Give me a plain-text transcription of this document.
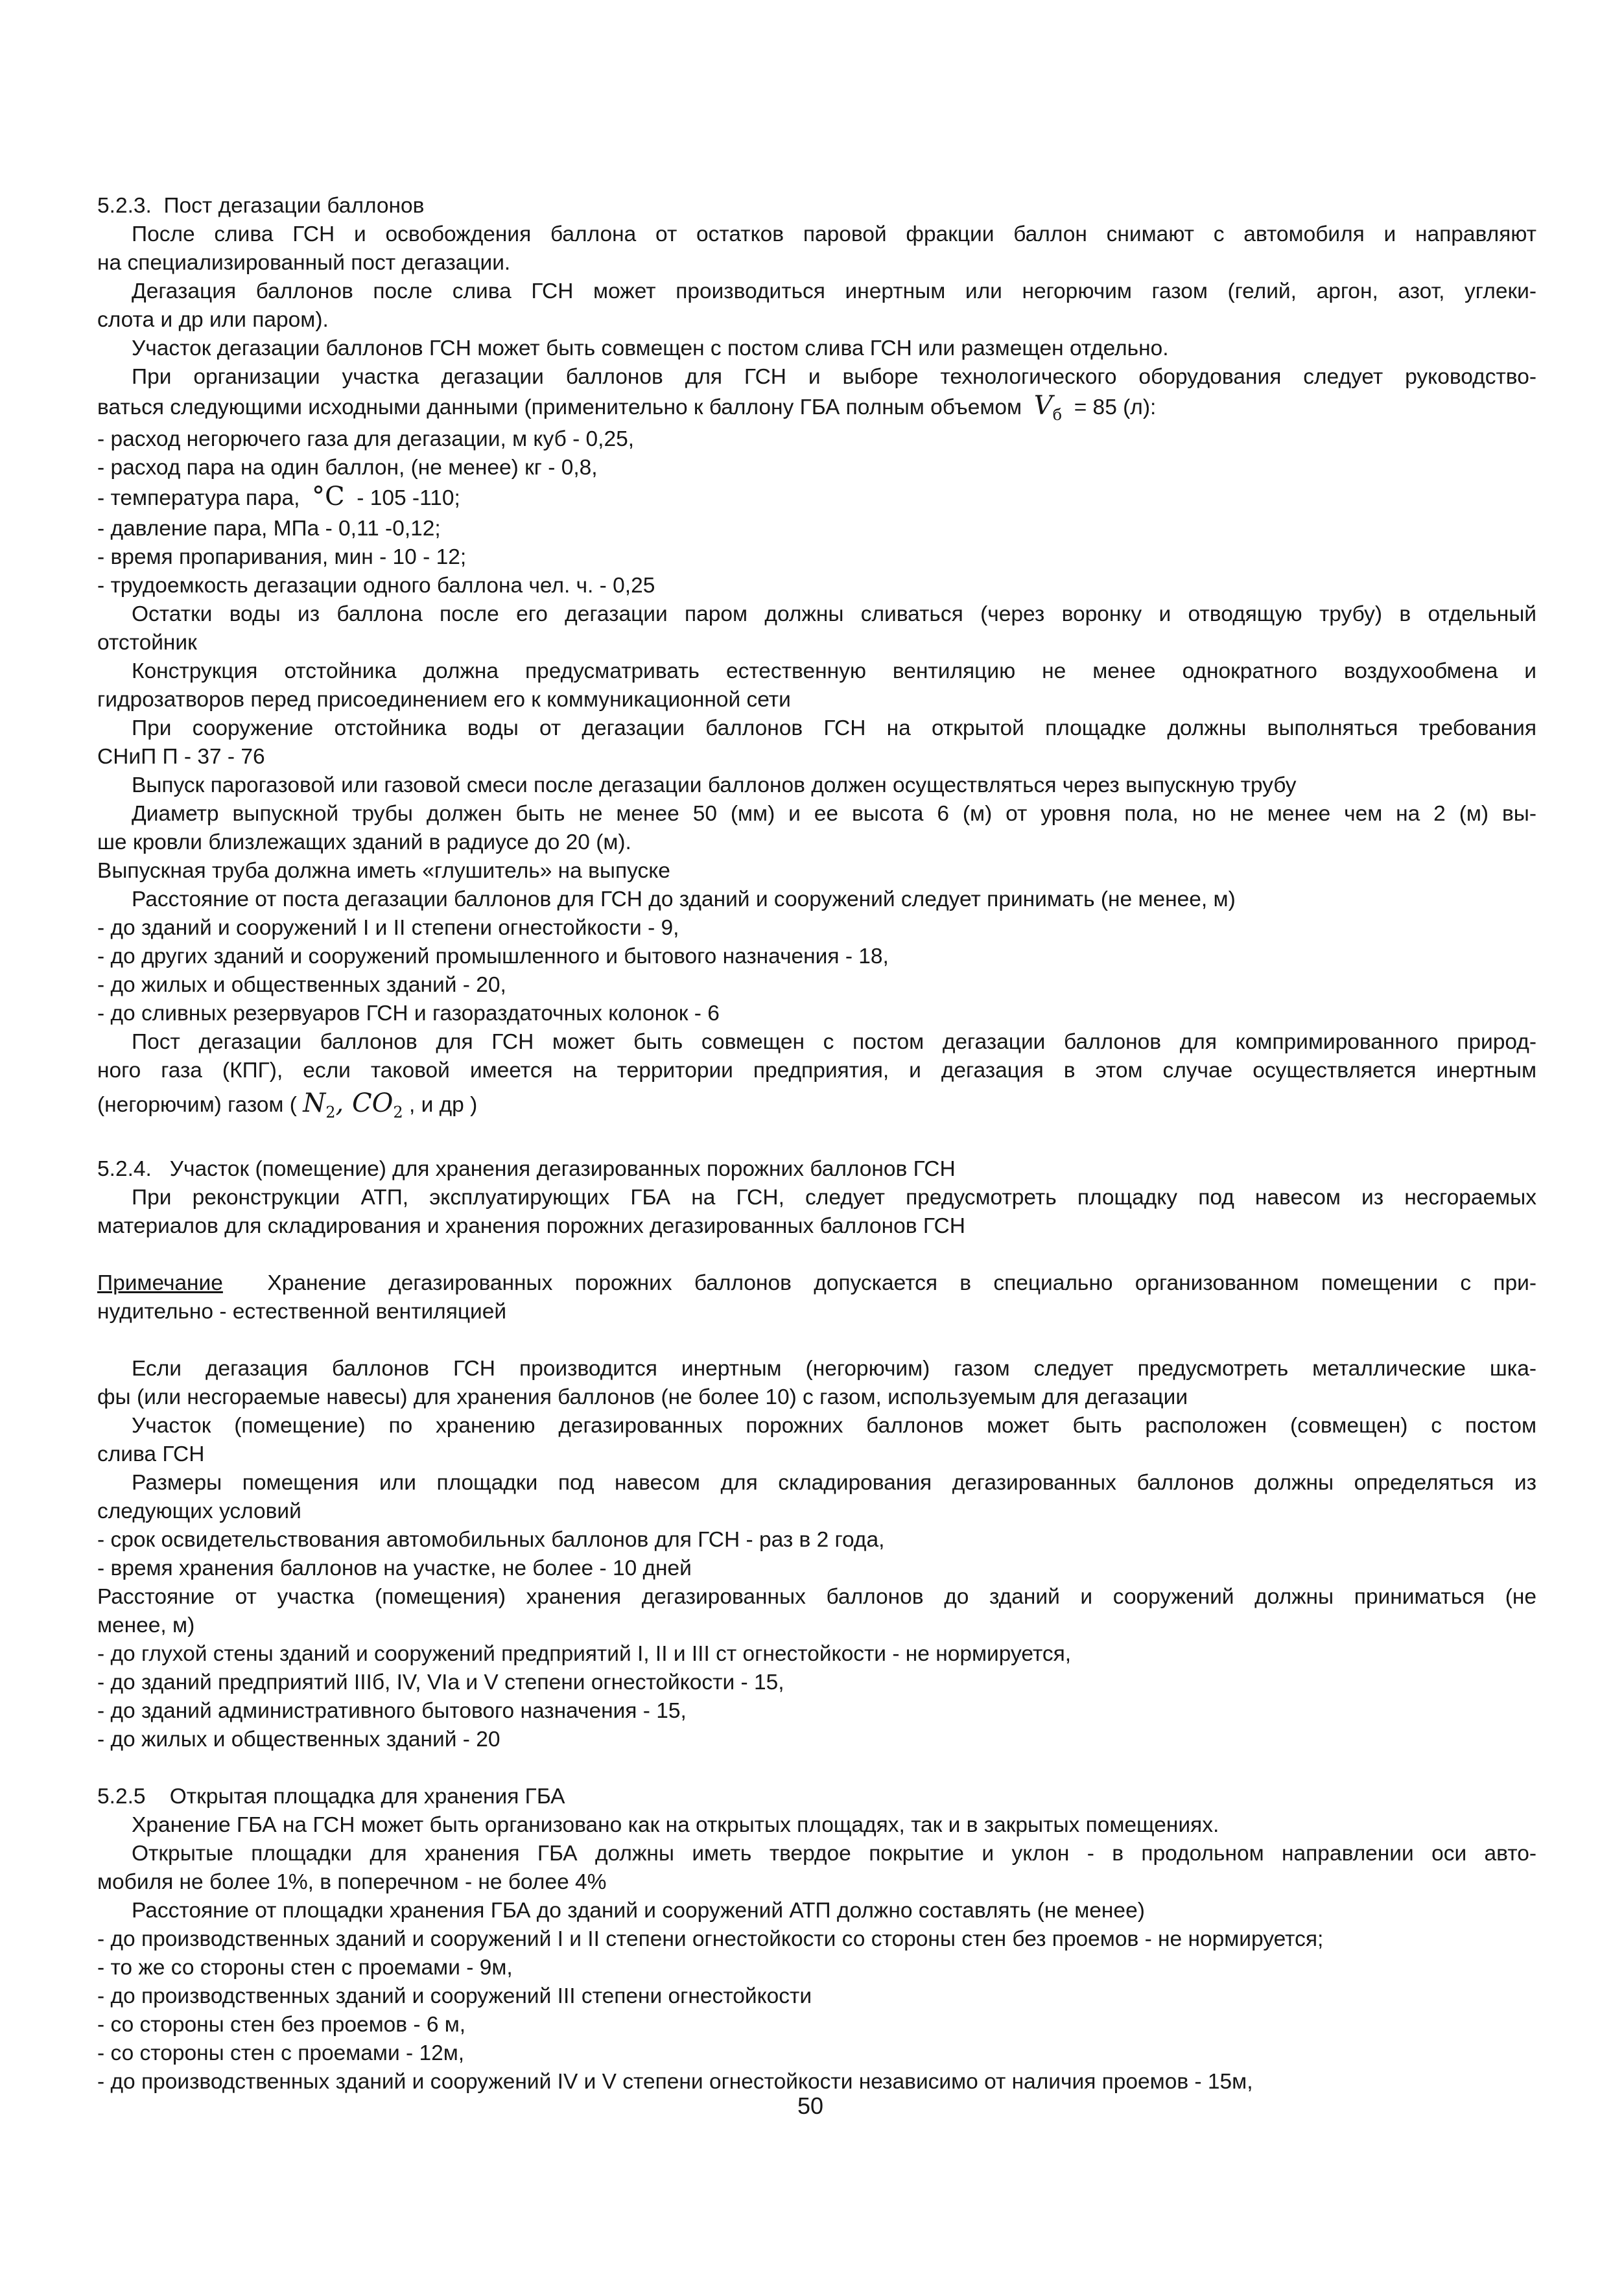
5.2.3. Пост дегазации баллонов
После слива ГСН и освобождения баллона от остатков паровой фракции баллон снимают с автомобиля и направляют
на специализированный пост дегазации.
Дегазация баллонов после слива ГСН может производиться инертным или негорючим газом (гелий, аргон, азот, углеки-
слота и др или паром).
Участок дегазации баллонов ГСН может быть совмещен с постом слива ГСН или размещен отдельно.
При организации участка дегазации баллонов для ГСН и выборе технологического оборудования следует руководство-
ваться следующими исходными данными (применительно к баллону ГБА полным объемом $V_б = 85$ (л):
- расход негорючего газа для дегазации, м куб - 0,25,
- расход пара на один баллон, (не менее) кг - 0,8,
- температура пара, °C - 105 -110;
- давление пара, МПа - 0,11 -0,12;
- время пропаривания, мин - 10 - 12;
- трудоемкость дегазации одного баллона чел. ч. - 0,25
Остатки воды из баллона после его дегазации паром должны сливаться (через воронку и отводящую трубу) в отдельный
отстойник
Конструкция отстойника должна предусматривать естественную вентиляцию не менее однократного воздухообмена и
гидрозатворов перед присоединением его к коммуникационной сети
При сооружение отстойника воды от дегазации баллонов ГСН на открытой площадке должны выполняться требования
СНиП П - 37 - 76
Выпуск парогазовой или газовой смеси после дегазации баллонов должен осуществляться через выпускную трубу
Диаметр выпускной трубы должен быть не менее 50 (мм) и ее высота 6 (м) от уровня пола, но не менее чем на 2 (м) вы-
ше кровли близлежащих зданий в радиусе до 20 (м).
Выпускная труба должна иметь «глушитель» на выпуске
Расстояние от поста дегазации баллонов для ГСН до зданий и сооружений следует принимать (не менее, м)
- до зданий и сооружений I и II степени огнестойкости - 9,
- до других зданий и сооружений промышленного и бытового назначения - 18,
- до жилых и общественных зданий - 20,
- до сливных резервуаров ГСН и газораздаточных колонок - 6
Пост дегазации баллонов для ГСН может быть совмещен с постом дегазации баллонов для компримированного природ-
ного газа (КПГ), если таковой имеется на территории предприятия, и дегазация в этом случае осуществляется инертным
(негорючим) газом ( $N_2$, $CO_2$ , и др )
5.2.4. Участок (помещение) для хранения дегазированных порожних баллонов ГСН
При реконструкции АТП, эксплуатирующих ГБА на ГСН, следует предусмотреть площадку под навесом из несгораемых
материалов для складирования и хранения порожних дегазированных баллонов ГСН
Примечание Хранение дегазированных порожних баллонов допускается в специально организованном помещении с при-
нудительно - естественной вентиляцией
Если дегазация баллонов ГСН производится инертным (негорючим) газом следует предусмотреть металлические шка-
фы (или несгораемые навесы) для хранения баллонов (не более 10) с газом, используемым для дегазации
Участок (помещение) по хранению дегазированных порожних баллонов может быть расположен (совмещен) с постом
слива ГСН
Размеры помещения или площадки под навесом для складирования дегазированных баллонов должны определяться из
следующих условий
- срок освидетельствования автомобильных баллонов для ГСН - раз в 2 года,
- время хранения баллонов на участке, не более - 10 дней
Расстояние от участка (помещения) хранения дегазированных баллонов до зданий и сооружений должны приниматься (не
менее, м)
- до глухой стены зданий и сооружений предприятий I, II и III ст огнестойкости - не нормируется,
- до зданий предприятий IIIб, IV, VIa и V степени огнестойкости - 15,
- до зданий административного бытового назначения - 15,
- до жилых и общественных зданий - 20
5.2.5 Открытая площадка для хранения ГБА
Хранение ГБА на ГСН может быть организовано как на открытых площадях, так и в закрытых помещениях.
Открытые площадки для хранения ГБА должны иметь твердое покрытие и уклон - в продольном направлении оси авто-
мобиля не более 1%, в поперечном - не более 4%
Расстояние от площадки хранения ГБА до зданий и сооружений АТП должно составлять (не менее)
- до производственных зданий и сооружений I и II степени огнестойкости со стороны стен без проемов - не нормируется;
- то же со стороны стен с проемами - 9м,
- до производственных зданий и сооружений III степени огнестойкости
- со стороны стен без проемов - 6 м,
- со стороны стен с проемами - 12м,
- до производственных зданий и сооружений IV и V степени огнестойкости независимо от наличия проемов - 15м,
50
